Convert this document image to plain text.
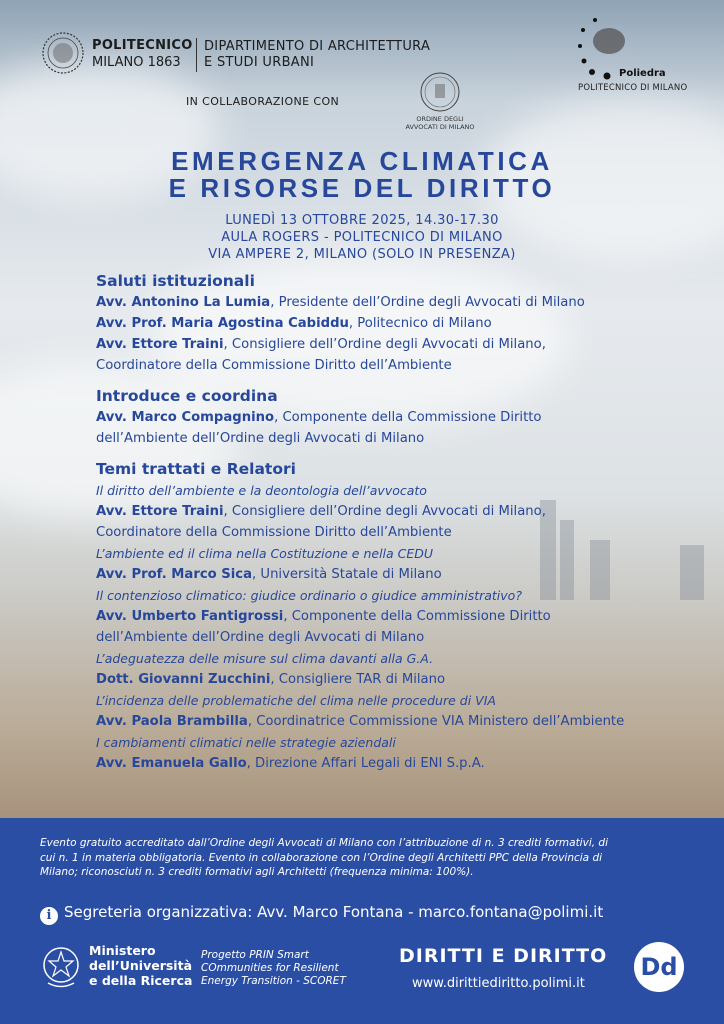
POLITECNICO
MILANO 1863
DIPARTIMENTO DI ARCHITETTURA
E STUDI URBANI
Poliedra
POLITECNICO DI MILANO
IN COLLABORAZIONE CON
ORDINE DEGLI
AVVOCATI DI MILANO
EMERGENZA CLIMATICA
E RISORSE DEL DIRITTO
LUNEDÌ 13 OTTOBRE 2025, 14.30-17.30
AULA ROGERS - POLITECNICO DI MILANO
VIA AMPERE 2, MILANO (SOLO IN PRESENZA)
Saluti istituzionali
Avv. Antonino La Lumia, Presidente dell’Ordine degli Avvocati di Milano
Avv. Prof. Maria Agostina Cabiddu, Politecnico di Milano
Avv. Ettore Traini, Consigliere dell’Ordine degli Avvocati di Milano,
Coordinatore della Commissione Diritto dell’Ambiente
Introduce e coordina
Avv. Marco Compagnino, Componente della Commissione Diritto
dell’Ambiente dell’Ordine degli Avvocati di Milano
Temi trattati e Relatori
Il diritto dell’ambiente e la deontologia dell’avvocato
Avv. Ettore Traini, Consigliere dell’Ordine degli Avvocati di Milano,
Coordinatore della Commissione Diritto dell’Ambiente
L’ambiente ed il clima nella Costituzione e nella CEDU
Avv. Prof. Marco Sica, Università Statale di Milano
Il contenzioso climatico: giudice ordinario o giudice amministrativo?
Avv. Umberto Fantigrossi, Componente della Commissione Diritto
dell’Ambiente dell’Ordine degli Avvocati di Milano
L’adeguatezza delle misure sul clima davanti alla G.A.
Dott. Giovanni Zucchini, Consigliere TAR di Milano
L’incidenza delle problematiche del clima nelle procedure di VIA
Avv. Paola Brambilla, Coordinatrice Commissione VIA Ministero dell’Ambiente
I cambiamenti climatici nelle strategie aziendali
Avv. Emanuela Gallo, Direzione Affari Legali di ENI S.p.A.
Evento gratuito accreditato dall’Ordine degli Avvocati di Milano con l’attribuzione di n. 3 crediti formativi, di
cui n. 1 in materia obbligatoria. Evento in collaborazione con l’Ordine degli Architetti PPC della Provincia di
Milano; riconosciuti n. 3 crediti formativi agli Architetti (frequenza minima: 100%).
i Segreteria organizzativa: Avv. Marco Fontana - marco.fontana@polimi.it
Ministero
dell’Università
e della Ricerca
Progetto PRIN Smart
COmmunities for Resilient
Energy Transition - SCORET
DIRITTI E DIRITTO
www.dirittiediritto.polimi.it
Dd
